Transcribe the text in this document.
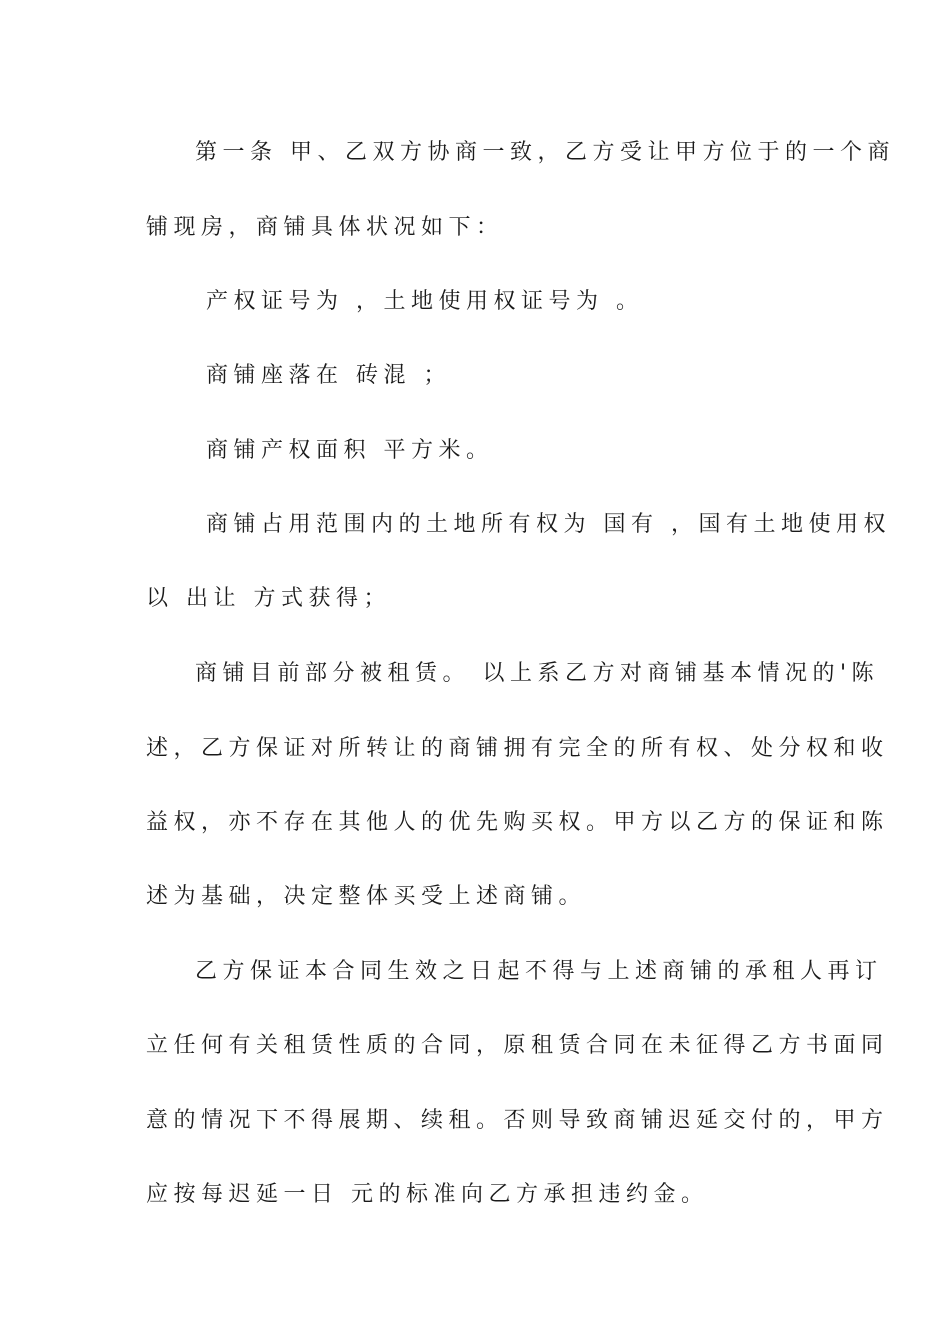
第一条 甲、乙双方协商一致，乙方受让甲方位于的一个商
铺现房，商铺具体状况如下：
产权证号为 ，土地使用权证号为 。
商铺座落在 砖混 ；
商铺产权面积 平方米。
商铺占用范围内的土地所有权为 国有 ，国有土地使用权
以 出让 方式获得；
商铺目前部分被租赁。 以上系乙方对商铺基本情况的'陈
述，乙方保证对所转让的商铺拥有完全的所有权、处分权和收
益权，亦不存在其他人的优先购买权。甲方以乙方的保证和陈
述为基础，决定整体买受上述商铺。
乙方保证本合同生效之日起不得与上述商铺的承租人再订
立任何有关租赁性质的合同，原租赁合同在未征得乙方书面同
意的情况下不得展期、续租。否则导致商铺迟延交付的，甲方
应按每迟延一日 元的标准向乙方承担违约金。
